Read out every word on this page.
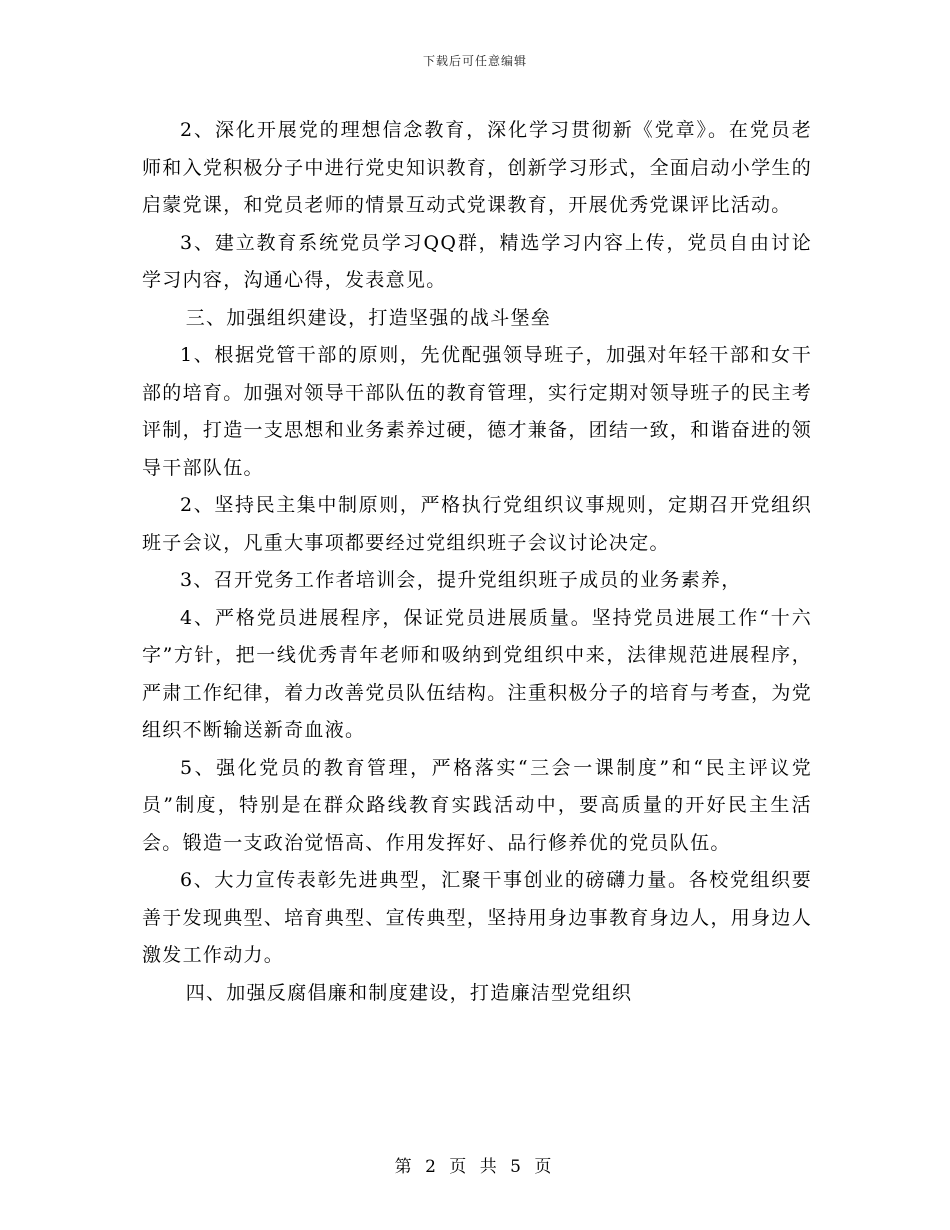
下载后可任意编辑

2、深化开展党的理想信念教育，深化学习贯彻新《党章》。在党员老师和入党积极分子中进行党史知识教育，创新学习形式，全面启动小学生的启蒙党课，和党员老师的情景互动式党课教育，开展优秀党课评比活动。

3、建立教育系统党员学习QQ群，精选学习内容上传，党员自由讨论学习内容，沟通心得，发表意见。

三、加强组织建设，打造坚强的战斗堡垒

1、根据党管干部的原则，先优配强领导班子，加强对年轻干部和女干部的培育。加强对领导干部队伍的教育管理，实行定期对领导班子的民主考评制，打造一支思想和业务素养过硬，德才兼备，团结一致，和谐奋进的领导干部队伍。

2、坚持民主集中制原则，严格执行党组织议事规则，定期召开党组织班子会议，凡重大事项都要经过党组织班子会议讨论决定。

3、召开党务工作者培训会，提升党组织班子成员的业务素养，

4、严格党员进展程序，保证党员进展质量。坚持党员进展工作“十六字”方针，把一线优秀青年老师和吸纳到党组织中来，法律规范进展程序，严肃工作纪律，着力改善党员队伍结构。注重积极分子的培育与考查，为党组织不断输送新奇血液。

5、强化党员的教育管理，严格落实“三会一课制度”和“民主评议党员”制度，特别是在群众路线教育实践活动中，要高质量的开好民主生活会。锻造一支政治觉悟高、作用发挥好、品行修养优的党员队伍。

6、大力宣传表彰先进典型，汇聚干事创业的磅礴力量。各校党组织要善于发现典型、培育典型、宣传典型，坚持用身边事教育身边人，用身边人激发工作动力。

四、加强反腐倡廉和制度建设，打造廉洁型党组织

第 2 页 共 5 页
